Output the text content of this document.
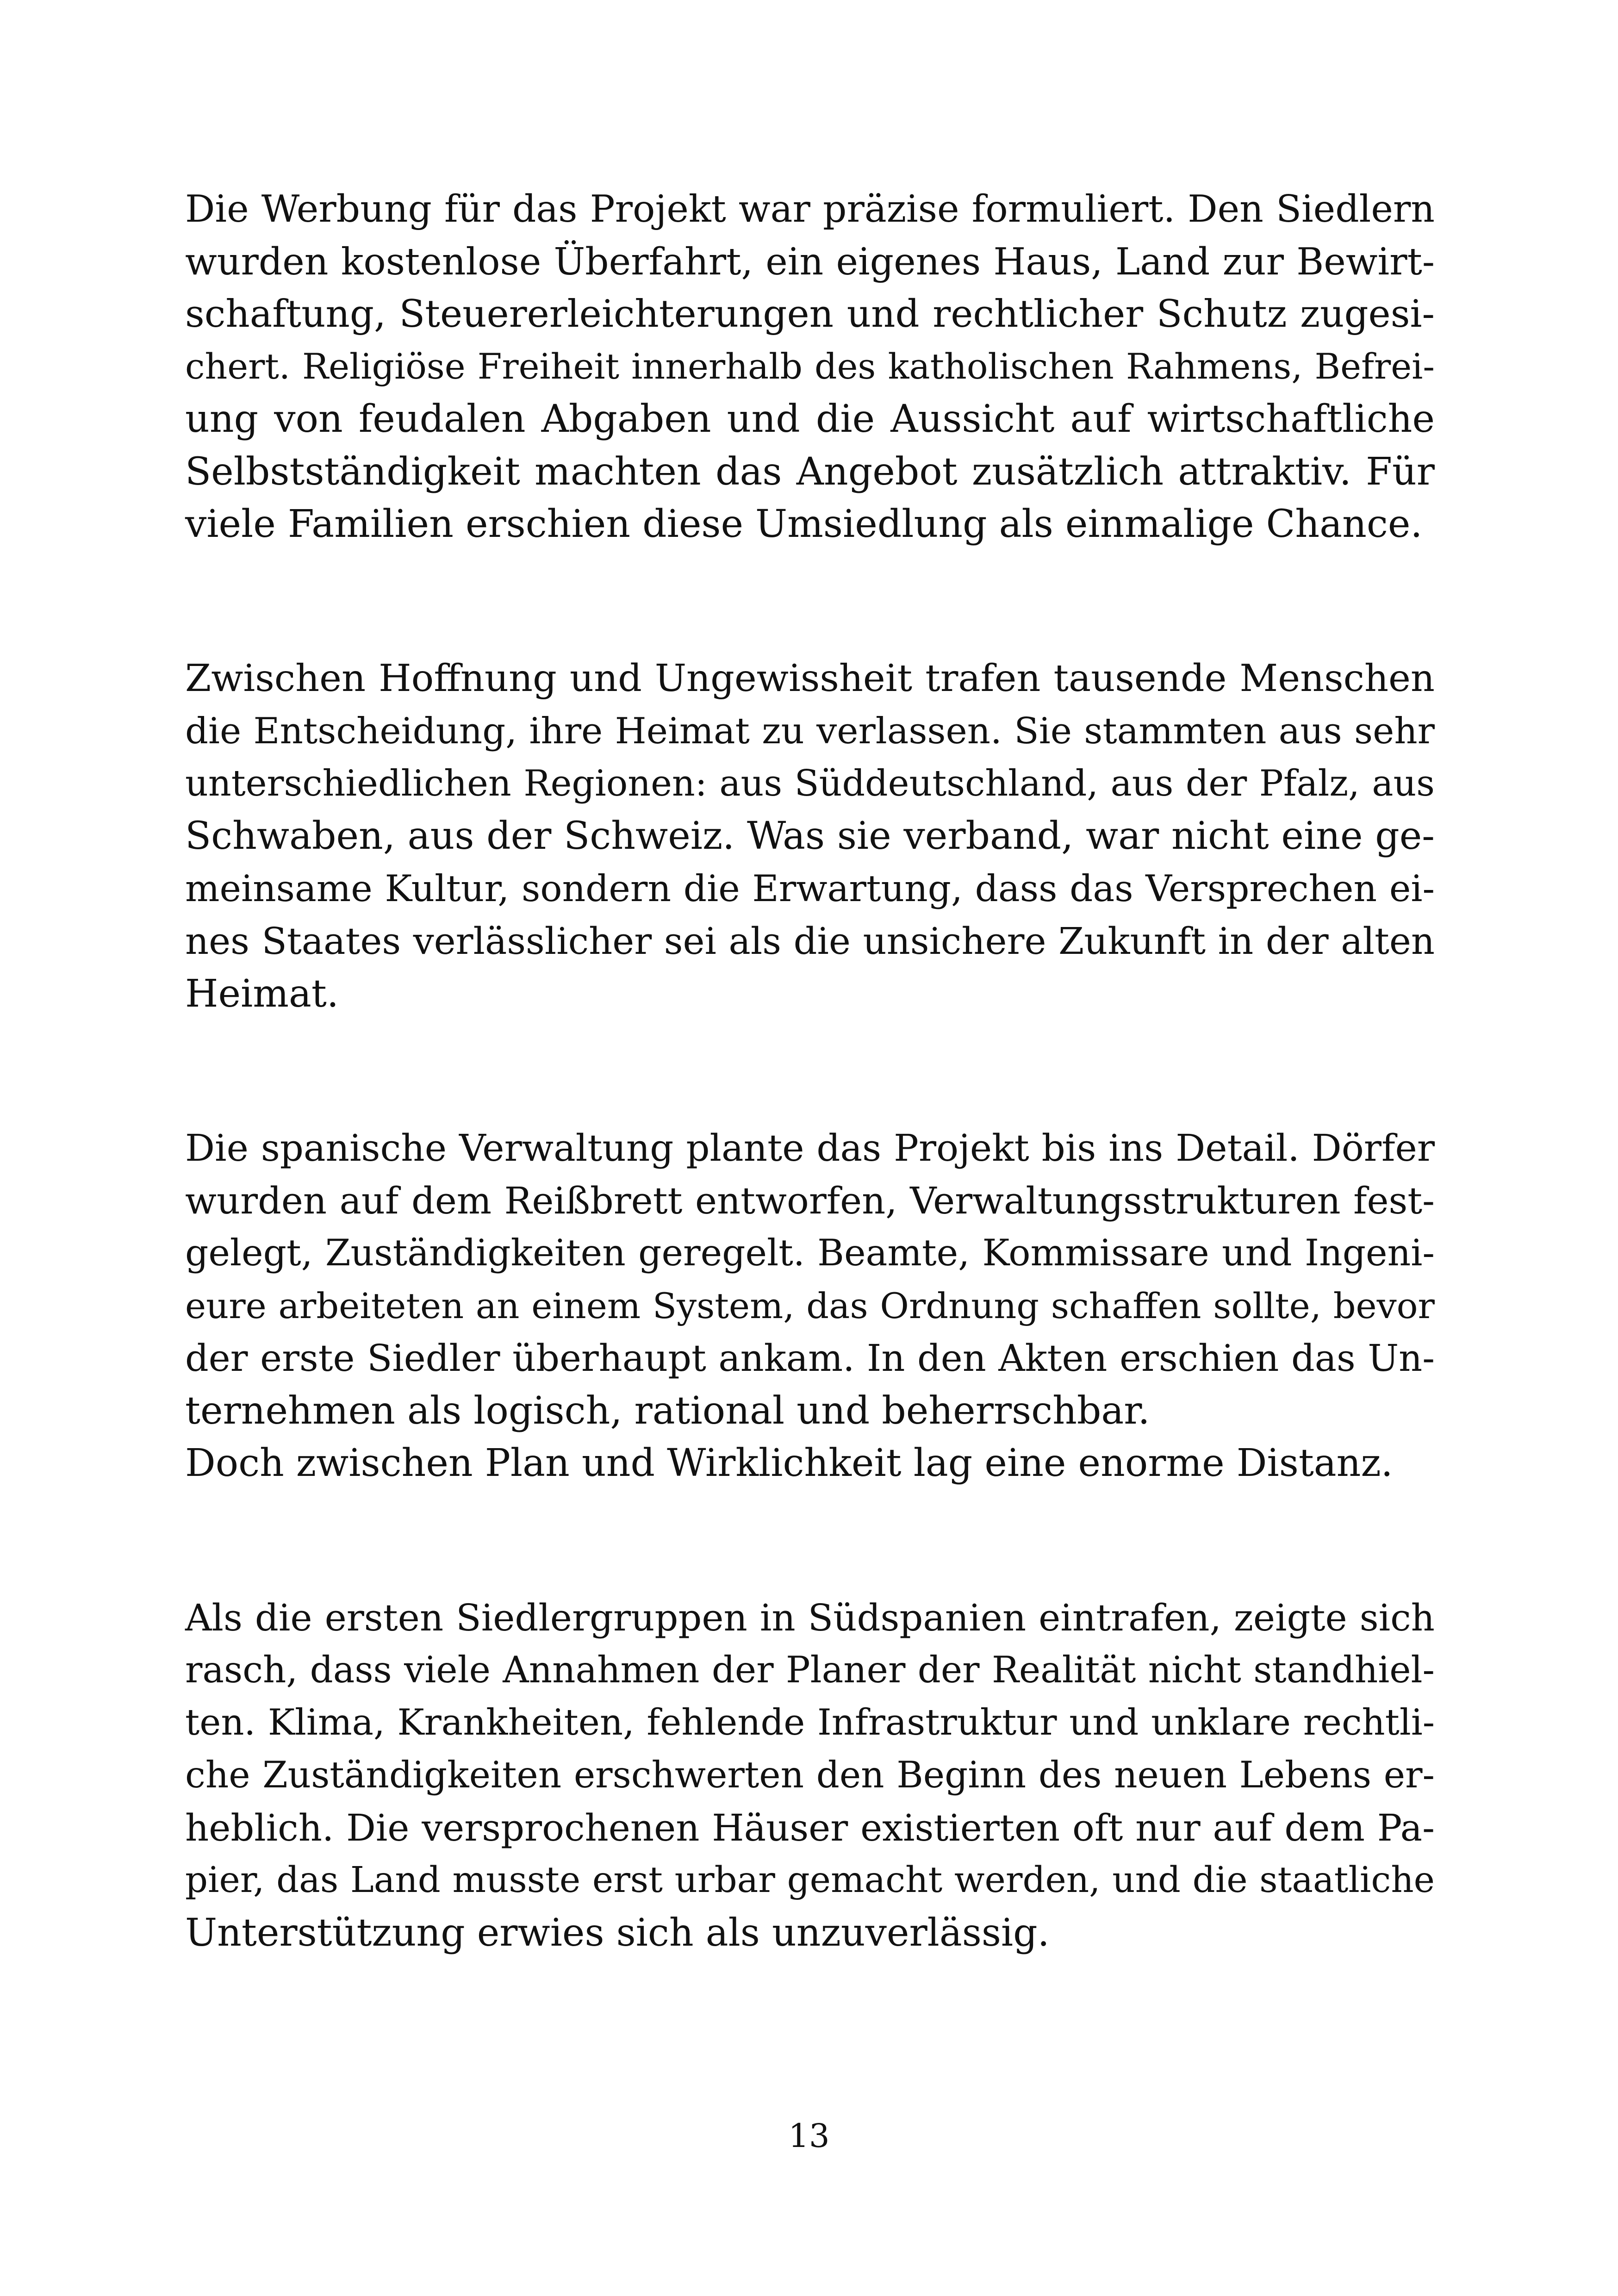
Die Werbung für das Projekt war präzise formuliert. Den Siedlern
wurden kostenlose Überfahrt, ein eigenes Haus, Land zur Bewirt-
schaftung, Steuererleichterungen und rechtlicher Schutz zugesi-
chert. Religiöse Freiheit innerhalb des katholischen Rahmens, Befrei-
ung von feudalen Abgaben und die Aussicht auf wirtschaftliche
Selbstständigkeit machten das Angebot zusätzlich attraktiv. Für
viele Familien erschien diese Umsiedlung als einmalige Chance.

Zwischen Hoffnung und Ungewissheit trafen tausende Menschen
die Entscheidung, ihre Heimat zu verlassen. Sie stammten aus sehr
unterschiedlichen Regionen: aus Süddeutschland, aus der Pfalz, aus
Schwaben, aus der Schweiz. Was sie verband, war nicht eine ge-
meinsame Kultur, sondern die Erwartung, dass das Versprechen ei-
nes Staates verlässlicher sei als die unsichere Zukunft in der alten
Heimat.

Die spanische Verwaltung plante das Projekt bis ins Detail. Dörfer
wurden auf dem Reißbrett entworfen, Verwaltungsstrukturen fest-
gelegt, Zuständigkeiten geregelt. Beamte, Kommissare und Ingeni-
eure arbeiteten an einem System, das Ordnung schaffen sollte, bevor
der erste Siedler überhaupt ankam. In den Akten erschien das Un-
ternehmen als logisch, rational und beherrschbar.
Doch zwischen Plan und Wirklichkeit lag eine enorme Distanz.

Als die ersten Siedlergruppen in Südspanien eintrafen, zeigte sich
rasch, dass viele Annahmen der Planer der Realität nicht standhiel-
ten. Klima, Krankheiten, fehlende Infrastruktur und unklare rechtli-
che Zuständigkeiten erschwerten den Beginn des neuen Lebens er-
heblich. Die versprochenen Häuser existierten oft nur auf dem Pa-
pier, das Land musste erst urbar gemacht werden, und die staatliche
Unterstützung erwies sich als unzuverlässig.

13
